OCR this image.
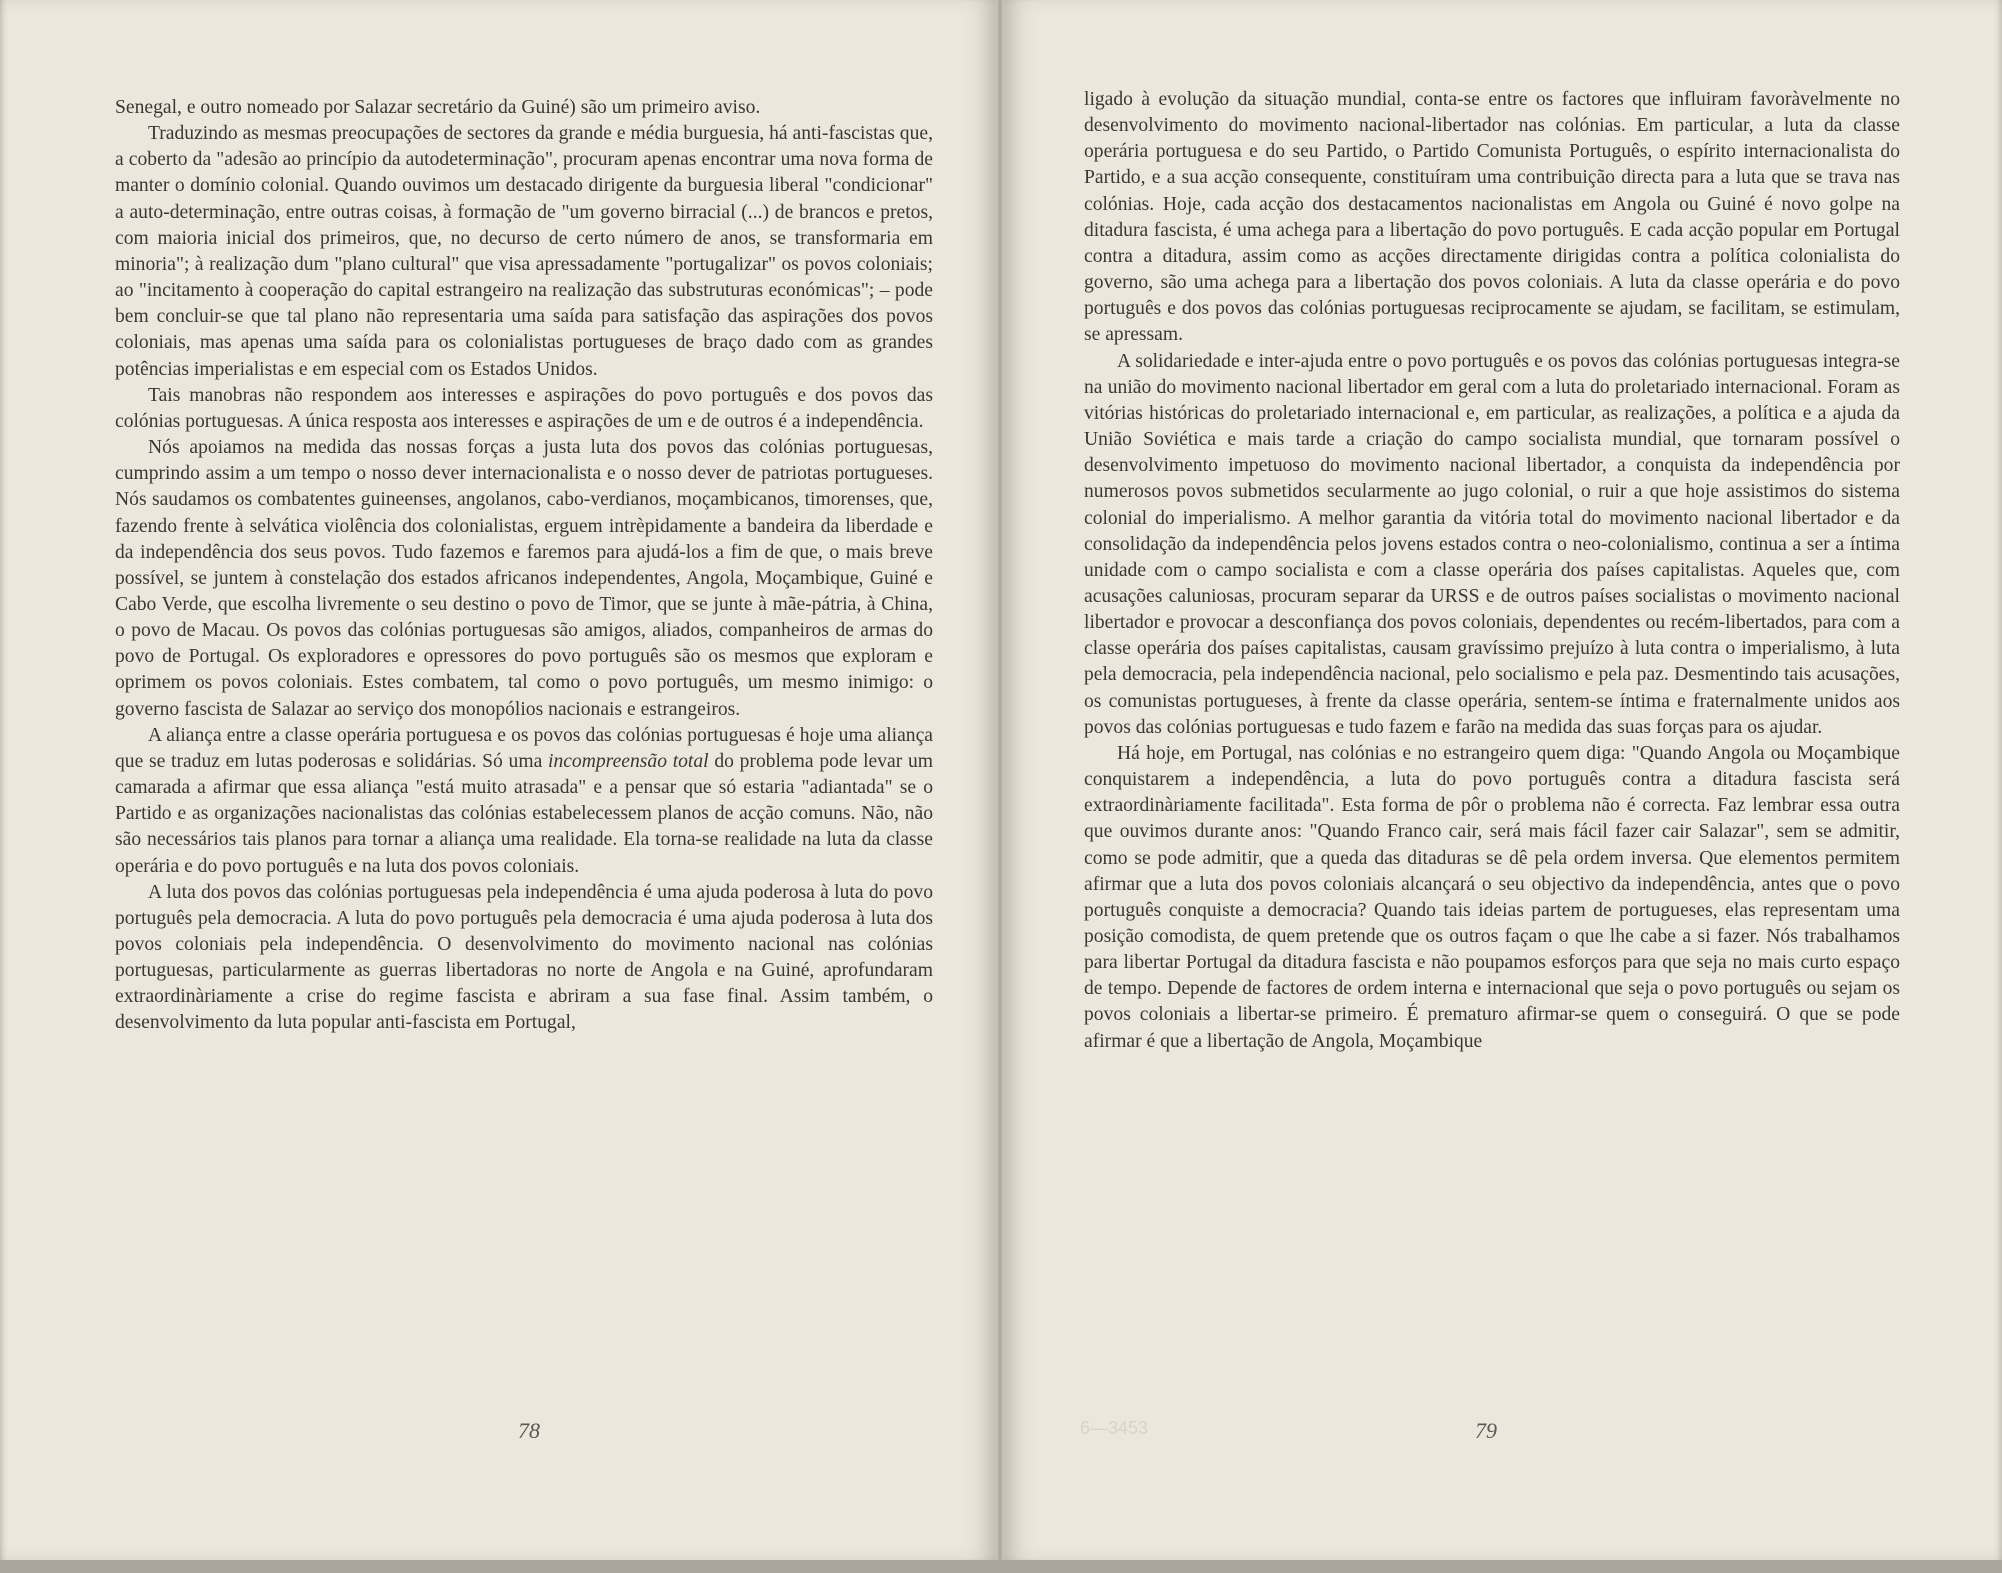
Senegal, e outro nomeado por Salazar secretário da Guiné) são um primeiro aviso.

Traduzindo as mesmas preocupações de sectores da grande e média burguesia, há anti-fascistas que, a coberto da "adesão ao princípio da autodeterminação", procuram apenas encontrar uma nova forma de manter o domínio colonial. Quando ouvimos um destacado dirigente da burguesia liberal "condicionar" a auto-determinação, entre outras coisas, à formação de "um governo birracial (...) de brancos e pretos, com maioria inicial dos primeiros, que, no decurso de certo número de anos, se transformaria em minoria"; à realização dum "plano cultural" que visa apressadamente "portugalizar" os povos coloniais; ao "incitamento à cooperação do capital estrangeiro na realização das substruturas económicas"; – pode bem concluir-se que tal plano não representaria uma saída para satisfação das aspirações dos povos coloniais, mas apenas uma saída para os colonialistas portugueses de braço dado com as grandes potências imperialistas e em especial com os Estados Unidos.

Tais manobras não respondem aos interesses e aspirações do povo português e dos povos das colónias portuguesas. A única resposta aos interesses e aspirações de um e de outros é a independência.

Nós apoiamos na medida das nossas forças a justa luta dos povos das colónias portuguesas, cumprindo assim a um tempo o nosso dever internacionalista e o nosso dever de patriotas portugueses. Nós saudamos os combatentes guineenses, angolanos, cabo-verdianos, moçambicanos, timorenses, que, fazendo frente à selvática violência dos colonialistas, erguem intrèpidamente a bandeira da liberdade e da independência dos seus povos. Tudo fazemos e faremos para ajudá-los a fim de que, o mais breve possível, se juntem à constelação dos estados africanos independentes, Angola, Moçambique, Guiné e Cabo Verde, que escolha livremente o seu destino o povo de Timor, que se junte à mãe-pátria, à China, o povo de Macau. Os povos das colónias portuguesas são amigos, aliados, companheiros de armas do povo de Portugal. Os exploradores e opressores do povo português são os mesmos que exploram e oprimem os povos coloniais. Estes combatem, tal como o povo português, um mesmo inimigo: o governo fascista de Salazar ao serviço dos monopólios nacionais e estrangeiros.

A aliança entre a classe operária portuguesa e os povos das colónias portuguesas é hoje uma aliança que se traduz em lutas poderosas e solidárias. Só uma incompreensão total do problema pode levar um camarada a afirmar que essa aliança "está muito atrasada" e a pensar que só estaria "adiantada" se o Partido e as organizações nacionalistas das colónias estabelecessem planos de acção comuns. Não, não são necessários tais planos para tornar a aliança uma realidade. Ela torna-se realidade na luta da classe operária e do povo português e na luta dos povos coloniais.

A luta dos povos das colónias portuguesas pela independência é uma ajuda poderosa à luta do povo português pela democracia. A luta do povo português pela democracia é uma ajuda poderosa à luta dos povos coloniais pela independência. O desenvolvimento do movimento nacional nas colónias portuguesas, particularmente as guerras libertadoras no norte de Angola e na Guiné, aprofundaram extraordinàriamente a crise do regime fascista e abriram a sua fase final. Assim também, o desenvolvimento da luta popular anti-fascista em Portugal,

78

ligado à evolução da situação mundial, conta-se entre os factores que influiram favoràvelmente no desenvolvimento do movimento nacional-libertador nas colónias. Em particular, a luta da classe operária portuguesa e do seu Partido, o Partido Comunista Português, o espírito internacionalista do Partido, e a sua acção consequente, constituíram uma contribuição directa para a luta que se trava nas colónias. Hoje, cada acção dos destacamentos nacionalistas em Angola ou Guiné é novo golpe na ditadura fascista, é uma achega para a libertação do povo português. E cada acção popular em Portugal contra a ditadura, assim como as acções directamente dirigidas contra a política colonialista do governo, são uma achega para a libertação dos povos coloniais. A luta da classe operária e do povo português e dos povos das colónias portuguesas reciprocamente se ajudam, se facilitam, se estimulam, se apressam.

A solidariedade e inter-ajuda entre o povo português e os povos das colónias portuguesas integra-se na união do movimento nacional libertador em geral com a luta do proletariado internacional. Foram as vitórias históricas do proletariado internacional e, em particular, as realizações, a política e a ajuda da União Soviética e mais tarde a criação do campo socialista mundial, que tornaram possível o desenvolvimento impetuoso do movimento nacional libertador, a conquista da independência por numerosos povos submetidos secularmente ao jugo colonial, o ruir a que hoje assistimos do sistema colonial do imperialismo. A melhor garantia da vitória total do movimento nacional libertador e da consolidação da independência pelos jovens estados contra o neo-colonialismo, continua a ser a íntima unidade com o campo socialista e com a classe operária dos países capitalistas. Aqueles que, com acusações caluniosas, procuram separar da URSS e de outros países socialistas o movimento nacional libertador e provocar a desconfiança dos povos coloniais, dependentes ou recém-libertados, para com a classe operária dos países capitalistas, causam gravíssimo prejuízo à luta contra o imperialismo, à luta pela democracia, pela independência nacional, pelo socialismo e pela paz. Desmentindo tais acusações, os comunistas portugueses, à frente da classe operária, sentem-se íntima e fraternalmente unidos aos povos das colónias portuguesas e tudo fazem e farão na medida das suas forças para os ajudar.

Há hoje, em Portugal, nas colónias e no estrangeiro quem diga: "Quando Angola ou Moçambique conquistarem a independência, a luta do povo português contra a ditadura fascista será extraordinàriamente facilitada". Esta forma de pôr o problema não é correcta. Faz lembrar essa outra que ouvimos durante anos: "Quando Franco cair, será mais fácil fazer cair Salazar", sem se admitir, como se pode admitir, que a queda das ditaduras se dê pela ordem inversa. Que elementos permitem afirmar que a luta dos povos coloniais alcançará o seu objectivo da independência, antes que o povo português conquiste a democracia? Quando tais ideias partem de portugueses, elas representam uma posição comodista, de quem pretende que os outros façam o que lhe cabe a si fazer. Nós trabalhamos para libertar Portugal da ditadura fascista e não poupamos esforços para que seja no mais curto espaço de tempo. Depende de factores de ordem interna e internacional que seja o povo português ou sejam os povos coloniais a libertar-se primeiro. É prematuro afirmar-se quem o conseguirá. O que se pode afirmar é que a libertação de Angola, Moçambique

6—3453	79
